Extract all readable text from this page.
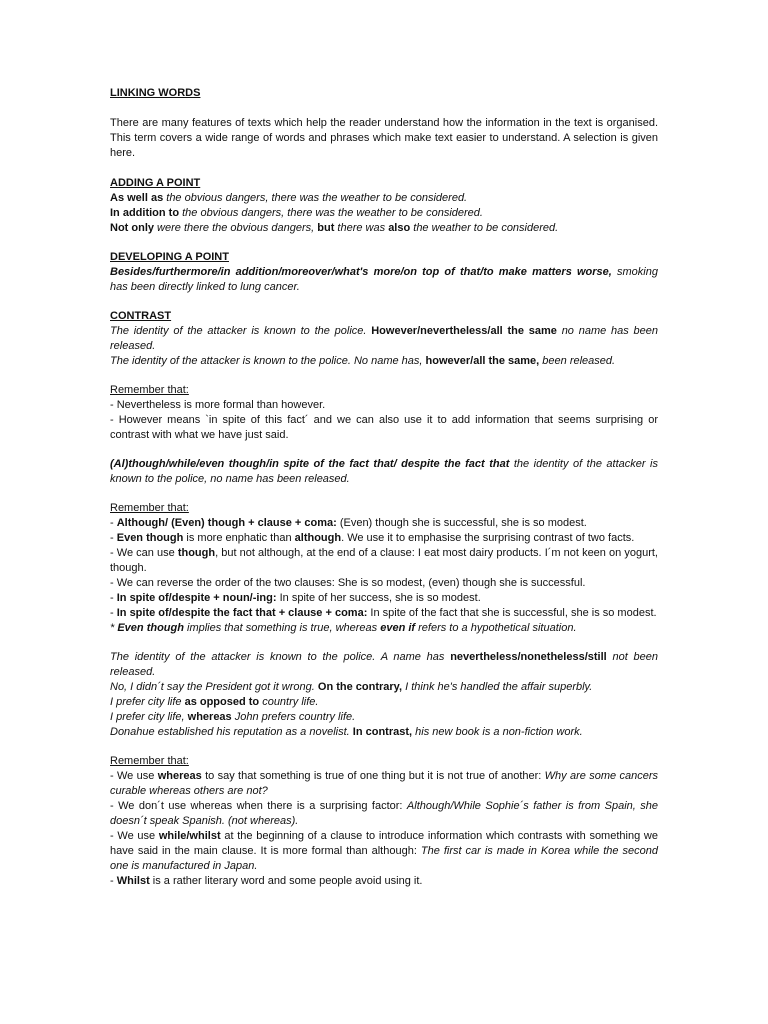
LINKING WORDS

There are many features of texts which help the reader understand how the information in the text is organised. This term covers a wide range of words and phrases which make text easier to understand. A selection is given here.

ADDING A POINT

As well as the obvious dangers, there was the weather to be considered.

In addition to the obvious dangers, there was the weather to be considered.

Not only were there the obvious dangers, but there was also the weather to be considered.

DEVELOPING A POINT

Besides/furthermore/in addition/moreover/what's more/on top of that/to make matters worse, smoking has been directly linked to lung cancer.

CONTRAST

The identity of the attacker is known to the police. However/nevertheless/all the same no name has been released.

The identity of the attacker is known to the police. No name has, however/all the same, been released.

Remember that:

- Nevertheless is more formal than however.

- However means `in spite of this fact´ and we can also use it to add information that seems surprising or contrast with what we have just said.

(Al)though/while/even though/in spite of the fact that/ despite the fact that the identity of the attacker is known to the police, no name has been released.

Remember that:

- Although/ (Even) though + clause + coma: (Even) though she is successful, she is so modest.

- Even though is more enphatic than although. We use it to emphasise the surprising contrast of two facts.

- We can use though, but not although, at the end of a clause: I eat most dairy products. I´m not keen on yogurt, though.

- We can reverse the order of the two clauses: She is so modest, (even) though she is successful.

- In spite of/despite + noun/-ing: In spite of her success, she is so modest.

- In spite of/despite the fact that + clause + coma: In spite of the fact that she is successful, she is so modest.

* Even though implies that something is true, whereas even if refers to a hypothetical situation.

The identity of the attacker is known to the police. A name has nevertheless/nonetheless/still not been released.

No, I didn´t say the President got it wrong. On the contrary, I think he's handled the affair superbly.

I prefer city life as opposed to country life.

I prefer city life, whereas John prefers country life.

Donahue established his reputation as a novelist. In contrast, his new book is a non-fiction work.

Remember that:

- We use whereas to say that something is true of one thing but it is not true of another: Why are some cancers curable whereas others are not?

- We don´t use whereas when there is a surprising factor: Although/While Sophie´s father is from Spain, she doesn´t speak Spanish. (not whereas).

- We use while/whilst at the beginning of a clause to introduce information which contrasts with something we have said in the main clause. It is more formal than although: The first car is made in Korea while the second one is manufactured in Japan.

- Whilst is a rather literary word and some people avoid using it.
